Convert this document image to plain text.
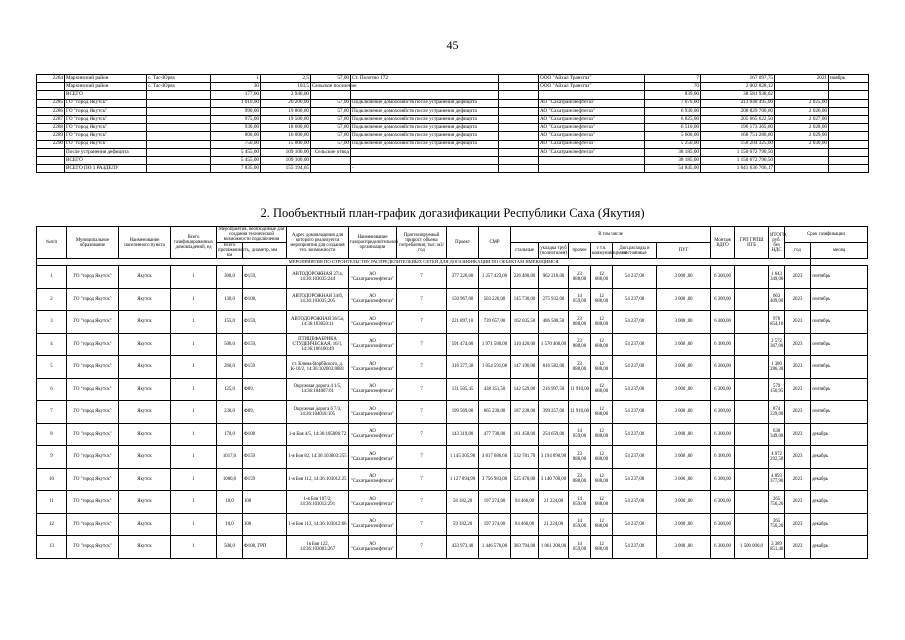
45
2284	Мархинский район	с. Тас-Юрях	1	2,5	57,00	Ст. Полотно 172		ООО "Айхал Трансгаз"	7	167 097,75	2021	ноябрь
	Мархинский район	с. Тас-Юрях	30	103,5	Сельское поселение			ООО "Айхал Трансгаз"	70	2 002 828,12		
	ВСЕГО		177,00	2 940,00					839,00	38 581 938,02		
2285	ГО "город Якутск"		1 010,00	20 200,00	57,00	Подключение домохозяйств после устранения дефицита		АО "Сахатранснефтегаз"	7 070,00	213 048 495,00	2 025,00	
2286	ГО "город Якутск"		990,00	19 800,00	57,00	Подключение домохозяйств после устранения дефицита		АО "Сахатранснефтегаз"	6 930,00	208 829 700,00	2 026,00	
2287	ГО "город Якутск"		975,00	19 500,00	57,00	Подключение домохозяйств после устранения дефицита		АО "Сахатранснефтегаз"	6 825,00	205 665 622,50	2 027,00	
2288	ГО "город Якутск"		930,00	18 600,00	57,00	Подключение домохозяйств после устранения дефицита		АО "Сахатранснефтегаз"	6 510,00	196 173 365,00	2 028,00	
2289	ГО "город Якутск"		800,00	16 000,00	57,00	Подключение домохозяйств после устранения дефицита		АО "Сахатранснефтегаз"	5 600,00	168 751 280,00	2 029,00	
2290	ГО "город Якутск"		750,00	15 000,00	57,00	Подключение домохозяйств после устранения дефицита		АО "Сахатранснефтегаз"	5 250,00	158 204 325,00	2 030,00	
	После устранения дефицита		5 455,00	109 100,00	Сельские отвод			АО "Сахатранснефтегаз"	38 185,00	1 150 672 790,50		
	ВСЕГО		5 455,00	109 100,00					38 185,00	1 150 672 790,50		
	ВСЕГО ПО 1 РАЗДЕЛУ		7 835,00	155 194,65		-			54 845,00	1 641 636 766,17		
2. Пообъектный план-график догазификации Республики Саха (Якутия)
№п/п	Муниципальное образование	Наименование населенного пункта	Всего газифицированных домовладений, ед	Мероприятия, необходимые для создания технической возможности подключения		Адрес домовладения для которого реализуется мероприятия для создания тех. возможности	Наименование газораспределительной организации	Прогнозируемый прирост объема потребления, тыс. м3/год	Проект	СМР	В том числе						Монтаж ВДГО	ГРП ГРПШ ПГБ	ИТОГО, руб. без НДС	Срок газификации	
				Всего протяженность, км	диаметр, мм						стальные	укладка труб (полиэтилен)	прочее	с т.ч. коммуникациями	Доп.расходы и постоянные	ПУГ					
																				год	месяц
МЕРОПРИЯТИЯ ПО СТРОИТЕЛЬСТВУ РАСПРЕДЕЛИТЕЛЬНЫХ СЕТЕЙ ДЛЯ ДОГАЗИФИКАЦИИ ПО ОБЪЕКТАМ ИМЕЮЩИМСЯ																					
1	ГО "город Якутск"	Якутск	1	300,0	Ф159,	АВТОДОРОЖНАЯ 37/а, 14:36:103035:244	АО "Сахатранснефтегаз"	7	377 226,00	1 257 423,00	226 400,00	962 210,00	23 888,00	12 688,00	54 237,00	3 000 ,00	6 300,00		1 643 349,00	2023	сентябрь
2	ГО "город Якутск"	Якутск	1	130,0	Ф108,	АВТОДОРОЖНАЯ 34/б, 14:36:103035:205	АО "Сахатранснефтегаз"	7	150 967,00	503 226,00	145 730,00	275 932,00	14 659,00	12 688,00	54 237,00	3 000 ,00	6 300,00		663 409,00	2023	сентябрь
3	ГО "город Якутск"	Якутск	1	155,0	Ф159,	АВТОДОРОЖНАЯ 36/5а, 14:36:103050:11	АО "Сахатранснефтегаз"	7	221 897,10	739 657,00	162 035,50	486 500,50	23 888,00	12 688,00	54 237,00	3 000 ,00	6 300,00		970 854,10	2023	сентябрь
4	ГО "город Якутск"	Якутск	1	500,0	Ф159,	ПТИЦЕФАБРИКА СТУДЕНЧЕСКАЯ, 16/1, 14:36:106100:49	АО "Сахатранснефтегаз"	7	591 474,00	1 971 580,00	310 420,00	1 570 400,00	23 888,00	12 688,00	54 237,00	3 000 ,00	6 300,00		2 572 367,00	2023	сентябрь
5	ГО "город Якутск"	Якутск	1	260,0	Ф159	ст. Клима-Ворбйского, д. К-10/2, 14:36:102003:0081	АО "Сахатранснефтегаз"	7	316 377,30	1 054 591,00	147 196,00	816 582,00	23 888,00	12 688,00	54 237,00	3 000 ,00	6 300,00		1 380 286,30	2023	сентябрь
6	ГО "город Якутск"	Якутск	1	125,0	Ф89,	Окружная дорога 4 1/5, 14:36:104007:61	АО "Сахатранснефтегаз"	7	131 505,45	438 351,50	142 529,00	216 997,50	11 910,00	12 688,00	54 237,00	3 000 ,00	6 300,00		579 156,95	2023	сентябрь
7	ГО "город Якутск"	Якутск	1	230,0	Ф89,	Окружная дорога 6 7/3, 14:36:104018:105	АО "Сахатранснефтегаз"	7	199 569,00	665 230,00	187 238,00	399 257,00	11 910,00	12 688,00	54 237,00	3 000 ,00	6 300,00		874 229,00	2023	сентябрь
8	ГО "город Якутск"	Якутск	1	170,0	Ф108	1-я Боя 4/5, 14:36:105006:72	АО "Сахатранснефтегаз"	7	143 319,00	477 730,00	161 458,00	254 659,00	14 659,00	12 688,00	54 237,00	3 000 ,00	6 300,00		630 349,00	2023	декабрь
9	ГО "город Якутск"	Якутск	1	1017,0	Ф159	1-я Боя 82, 14:36:103003:255	АО "Сахатранснефтегаз"	7	1 145 305,98	3 817 686,60	532 781,70	3 194 090,90	23 888,00	12 688,00	54 237,00	3 000 ,00	6 300,00		4 972 292,58	2023	декабрь
10	ГО "город Якутск"	Якутск	1	1000,0	Ф159	1-я Боя 112, 14:36:103012:25	АО "Сахатранснефтегаз"	7	1 127 094,90	3 756 983,00	525 470,00	3 140 700,00	23 888,00	12 688,00	54 237,00	3 000 ,00	6 300,00		4 893 377,90	2023	декабрь
11	ГО "город Якутск"	Якутск	1	10,0	108	1-я Боя 107/2, 14:36:103012:291	АО "Сахатранснефтегаз"	7	58 182,20	197 274,00	94 466,00	21 224,00	14 659,00	12 688,00	54 237,00	3 000 ,00	6 300,00		265 756,20	2023	декабрь
12	ГО "город Якутск"	Якутск	1	10,0	108	1-я Боя 112, 14:36:103012:66	АО "Сахатранснефтегаз"	7	59 182,20	197 274,00	94 466,00	21 224,00	14 659,00	12 688,00	54 237,00	3 000 ,00	6 300,00		265 756,20	2023	декабрь
13	ГО "город Якутск"	Якутск	1	500,0	Ф108, ГРП	1я Боя 122, 14:36:103003:267	АО "Сахатранснефтегаз"	7	433 973,40	1 446 578,00	383 794,00	1 061 200,00	14 659,00	12 688,00	54 237,00	3 000 ,00	6 300,00	1 500 000,0	3 389 851,40	2023	декабрь
